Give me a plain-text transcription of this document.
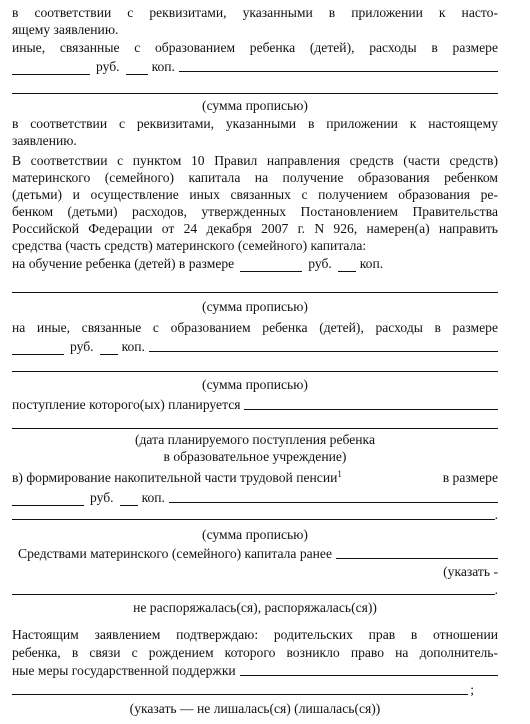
в соответствии с реквизитами, указанными в приложении к насто-
ящему заявлению.
иные, связанные с образованием ребенка (детей), расходы в размере
руб. коп.
(сумма прописью)
в соответствии с реквизитами, указанными в приложении к настоящему
заявлению.
В соответствии с пунктом 10 Правил направления средств (части средств)
материнского (семейного) капитала на получение образования ребенком
(детьми) и осуществление иных связанных с получением образования ре-
бенком (детьми) расходов, утвержденных Постановлением Правительства
Российской Федерации от 24 декабря 2007 г. N 926, намерен(а) направить
средства (часть средств) материнского (семейного) капитала:
на обучение ребенка (детей) в размере	руб. коп.
(сумма прописью)
на иные, связанные с образованием ребенка (детей), расходы в размере
руб. коп.
(сумма прописью)
поступление которого(ых) планируется
(дата планируемого поступления ребенка
в образовательное учреждение)
в) формирование накопительной части трудовой пенсии$^1$	в размере
руб. коп.
.
(сумма прописью)
Средствами материнского (семейного) капитала ранее
(указать -
.
не распоряжалась(ся), распоряжалась(ся))
Настоящим заявлением подтверждаю: родительских прав в отношении
ребенка, в связи с рождением которого возникло право на дополнитель-
ные меры государственной поддержки
;
(указать — не лишалась(ся) (лишалась(ся))
